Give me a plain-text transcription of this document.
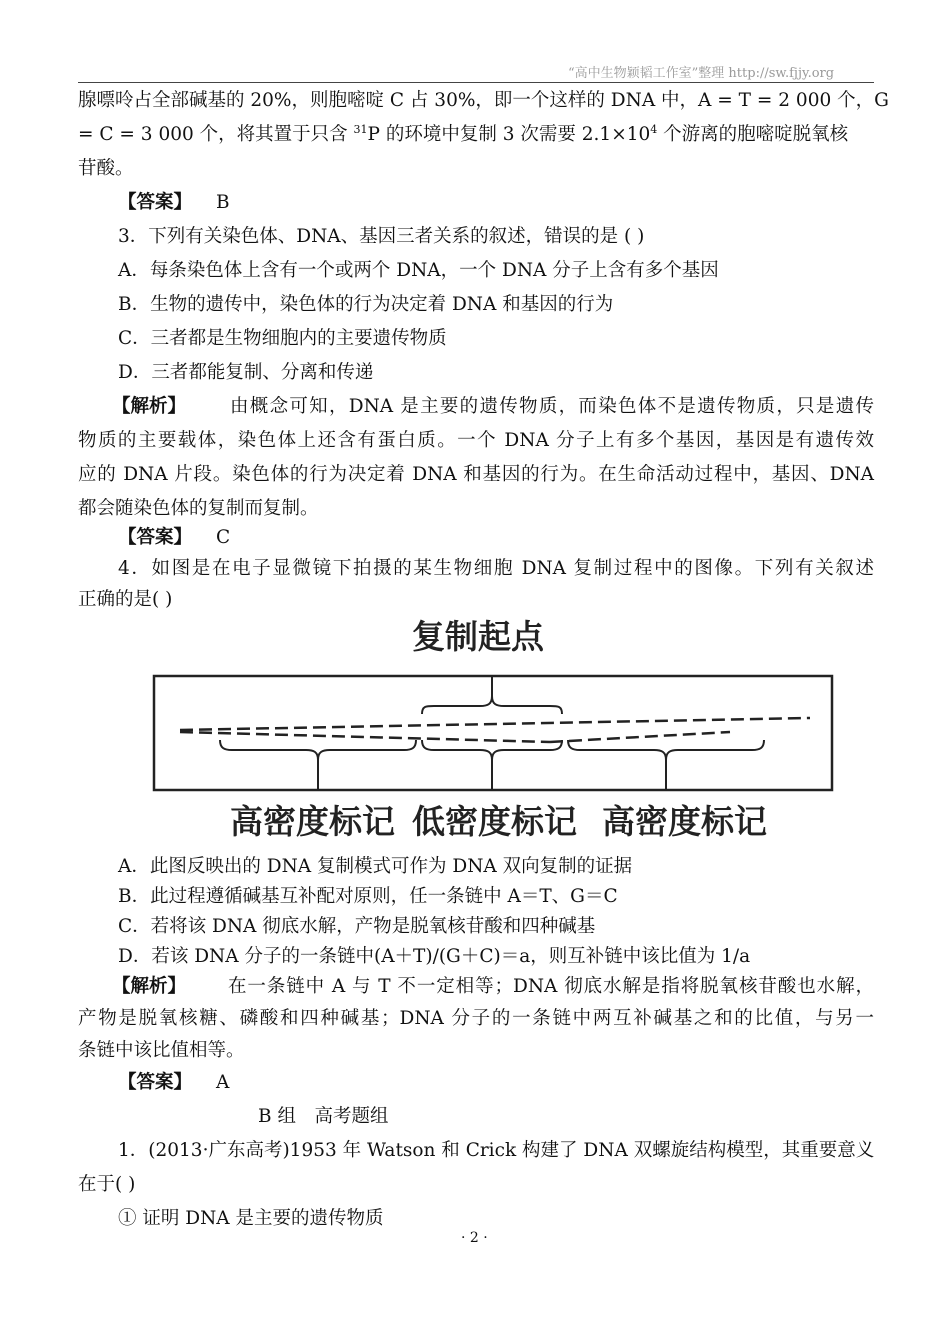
“高中生物颖韬工作室”整理 http://sw.fjjy.org
腺嘌呤占全部碱基的 20%，则胞嘧啶 C 占 30%，即一个这样的 DNA 中，A = T = 2 000 个，G
= C = 3 000 个，将其置于只含 $^{31}$P 的环境中复制 3 次需要 $2.1\times 10^4$ 个游离的胞嘧啶脱氧核
苷酸。
【答案】 B
3．下列有关染色体、DNA、基因三者关系的叙述，错误的是 ( )
A．每条染色体上含有一个或两个 DNA，一个 DNA 分子上含有多个基因
B．生物的遗传中，染色体的行为决定着 DNA 和基因的行为
C．三者都是生物细胞内的主要遗传物质
D．三者都能复制、分离和传递
【解析】 由概念可知，DNA 是主要的遗传物质，而染色体不是遗传物质，只是遗传
物质的主要载体，染色体上还含有蛋白质。一个 DNA 分子上有多个基因，基因是有遗传效
应的 DNA 片段。染色体的行为决定着 DNA 和基因的行为。在生命活动过程中，基因、DNA
都会随染色体的复制而复制。
【答案】 C
4．如图是在电子显微镜下拍摄的某生物细胞 DNA 复制过程中的图像。下列有关叙述
正确的是( )
复制起点
高密度标记 低密度标记 高密度标记
A．此图反映出的 DNA 复制模式可作为 DNA 双向复制的证据
B．此过程遵循碱基互补配对原则，任一条链中 A＝T、G＝C
C．若将该 DNA 彻底水解，产物是脱氧核苷酸和四种碱基
D．若该 DNA 分子的一条链中(A＋T)/(G＋C)＝a，则互补链中该比值为 1/a
【解析】 在一条链中 A 与 T 不一定相等；DNA 彻底水解是指将脱氧核苷酸也水解，
产物是脱氧核糖、磷酸和四种碱基；DNA 分子的一条链中两互补碱基之和的比值，与另一
条链中该比值相等。
【答案】 A
B 组　高考题组
1．(2013·广东高考)1953 年 Watson 和 Crick 构建了 DNA 双螺旋结构模型，其重要意义
在于( )
① 证明 DNA 是主要的遗传物质
· 2 ·
